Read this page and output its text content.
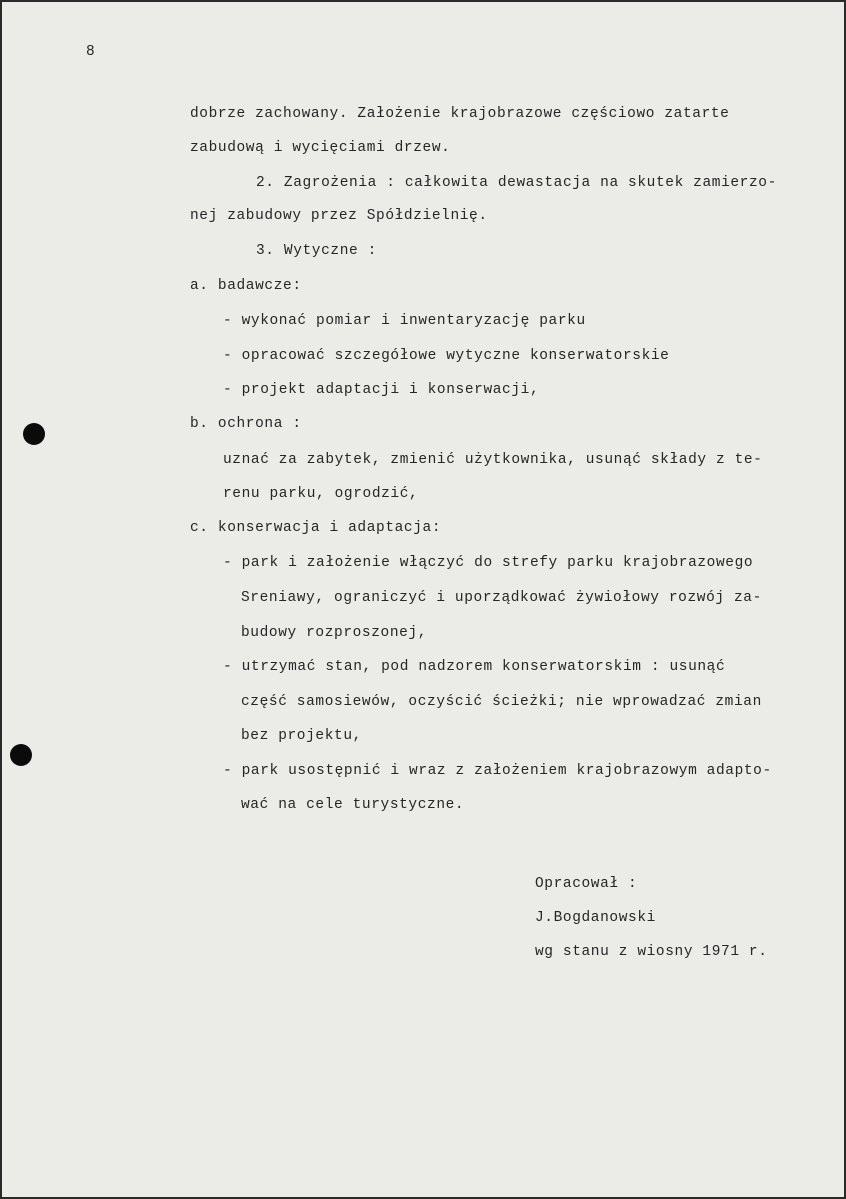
8
dobrze zachowany. Założenie krajobrazowe częściowo zatarte
zabudową i wycięciami drzew.
2. Zagrożenia : całkowita dewastacja na skutek zamierzo-
nej zabudowy przez Spółdzielnię.
3. Wytyczne :
a. badawcze:
- wykonać pomiar i inwentaryzację parku
- opracować szczegółowe wytyczne konserwatorskie
- projekt adaptacji i konserwacji,
b. ochrona :
uznać za zabytek, zmienić użytkownika, usunąć składy z te-
renu parku, ogrodzić,
c. konserwacja i adaptacja:
- park i założenie włączyć do strefy parku krajobrazowego
Sreniawy, ograniczyć i uporządkować żywiołowy rozwój za-
budowy rozproszonej,
- utrzymać stan, pod nadzorem konserwatorskim : usunąć
część samosiewów, oczyścić ścieżki; nie wprowadzać zmian
bez projektu,
- park usostępnić i wraz z założeniem krajobrazowym adapto-
wać na cele turystyczne.
Opracował :
J.Bogdanowski
wg stanu z wiosny 1971 r.
